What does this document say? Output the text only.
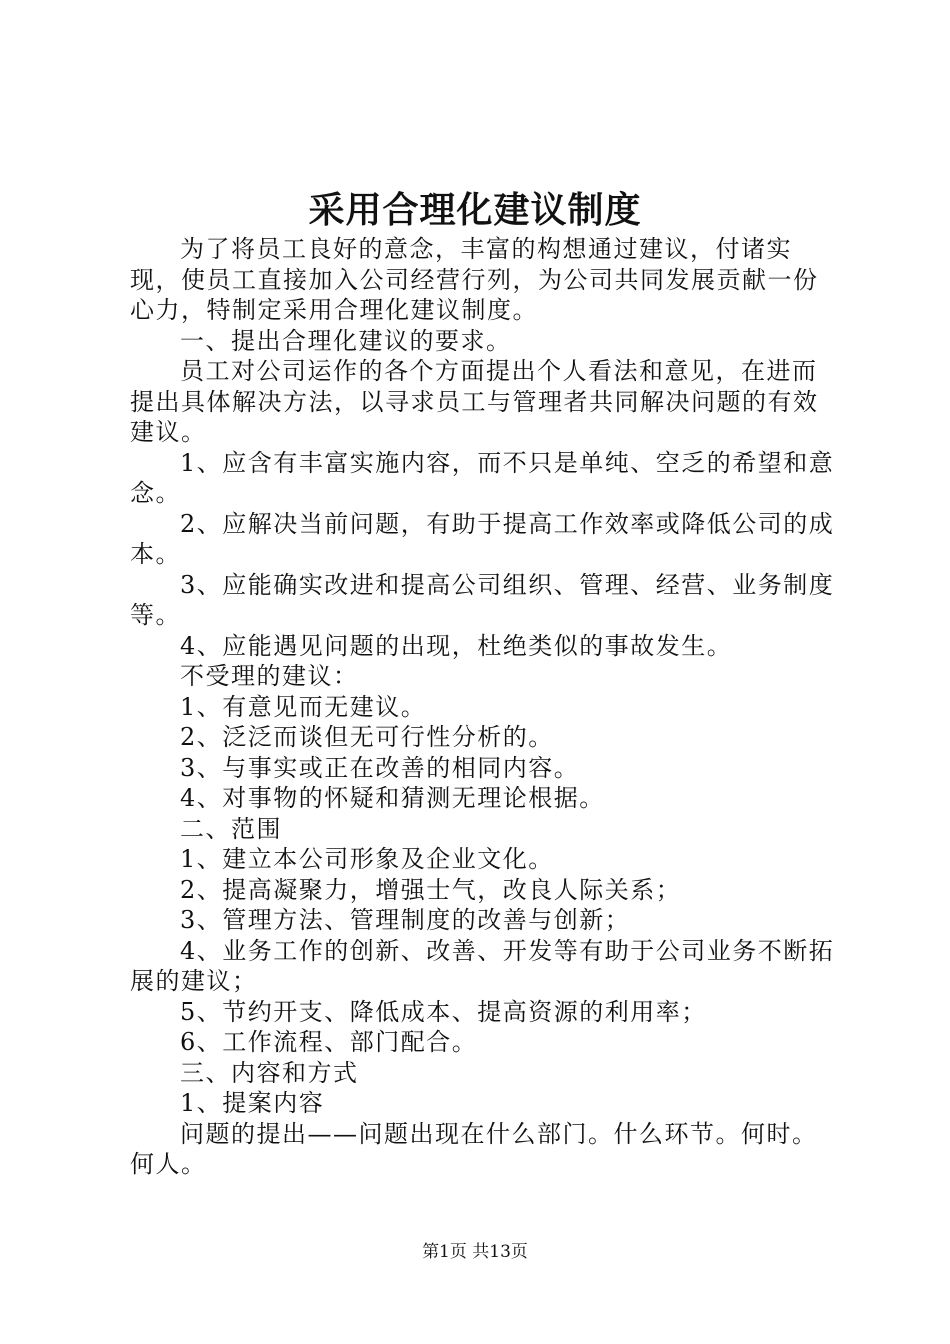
采用合理化建议制度

为了将员工良好的意念，丰富的构想通过建议，付诸实现，使员工直接加入公司经营行列，为公司共同发展贡献一份心力，特制定采用合理化建议制度。

一、提出合理化建议的要求。

员工对公司运作的各个方面提出个人看法和意见，在进而提出具体解决方法，以寻求员工与管理者共同解决问题的有效建议。

1、应含有丰富实施内容，而不只是单纯、空乏的希望和意念。

2、应解决当前问题，有助于提高工作效率或降低公司的成本。

3、应能确实改进和提高公司组织、管理、经营、业务制度等。

4、应能遇见问题的出现，杜绝类似的事故发生。

不受理的建议：

1、有意见而无建议。

2、泛泛而谈但无可行性分析的。

3、与事实或正在改善的相同内容。

4、对事物的怀疑和猜测无理论根据。

二、范围

1、建立本公司形象及企业文化。

2、提高凝聚力，增强士气，改良人际关系；

3、管理方法、管理制度的改善与创新；

4、业务工作的创新、改善、开发等有助于公司业务不断拓展的建议；

5、节约开支、降低成本、提高资源的利用率；

6、工作流程、部门配合。

三、内容和方式

1、提案内容

问题的提出——问题出现在什么部门。什么环节。何时。何人。

第1页 共13页
